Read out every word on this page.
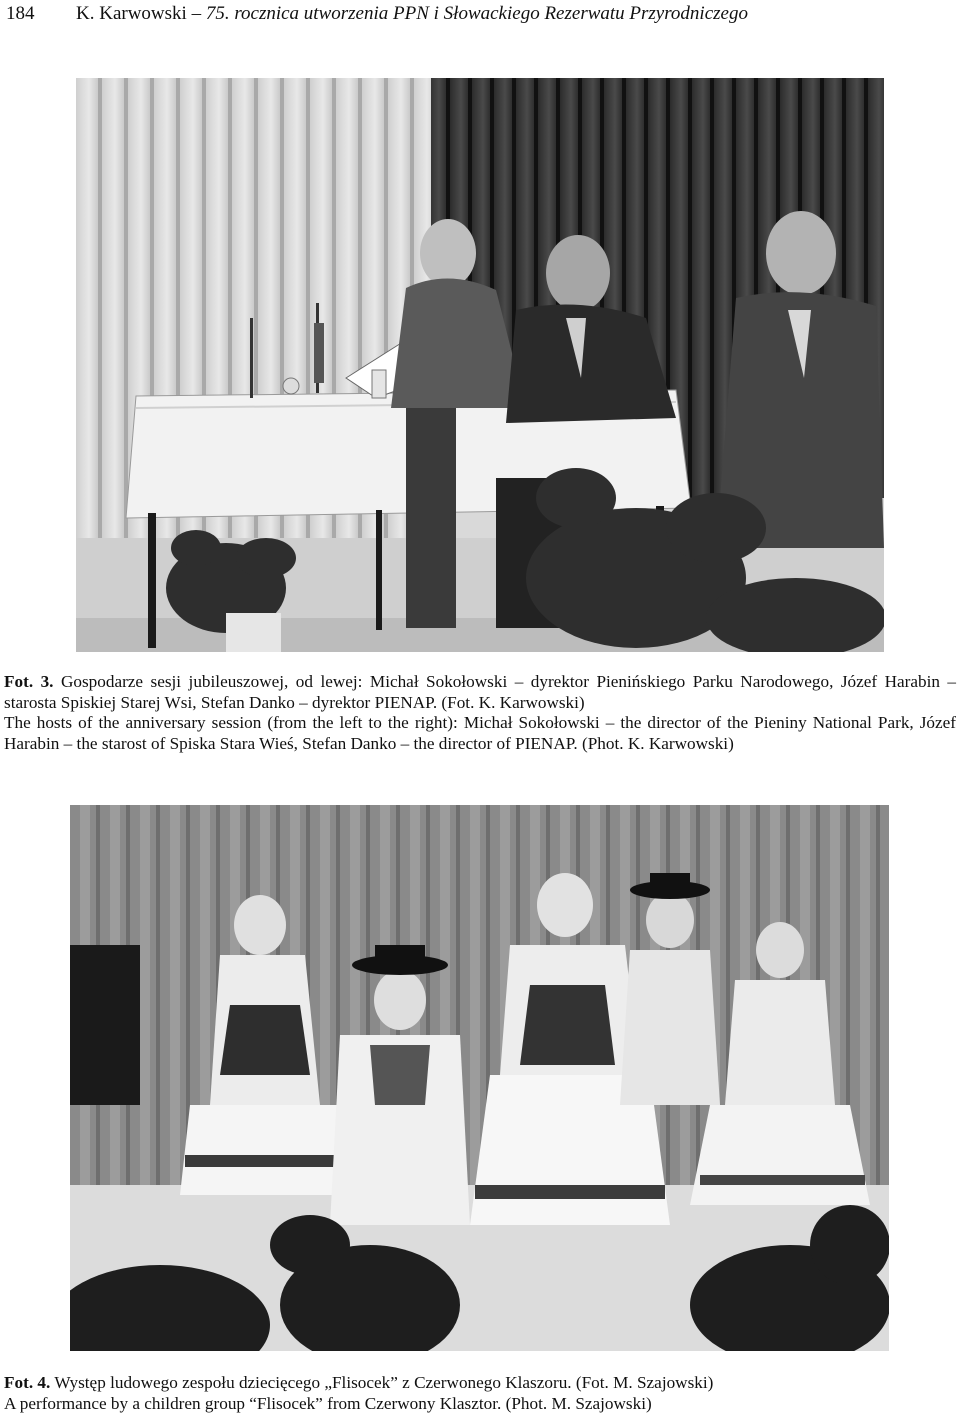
184 K. Karwowski – 75. rocznica utworzenia PPN i Słowackiego Rezerwatu Przyrodniczego

Fot. 3. Gospodarze sesji jubileuszowej, od lewej: Michał Sokołowski – dyrektor Pienińskiego Parku Narodowego, Józef Harabin – starosta Spiskiej Starej Wsi, Stefan Danko – dyrektor PIENAP. (Fot. K. Karwowski)

The hosts of the anniversary session (from the left to the right): Michał Sokołowski – the director of the Pieniny National Park, Józef Harabin – the starost of Spiska Stara Wieś, Stefan Danko – the director of PIENAP. (Phot. K. Karwowski)

Fot. 4. Występ ludowego zespołu dziecięcego „Flisocek” z Czerwonego Klaszoru. (Fot. M. Szajowski)

A performance by a children group “Flisocek” from Czerwony Klasztor. (Phot. M. Szajowski)
